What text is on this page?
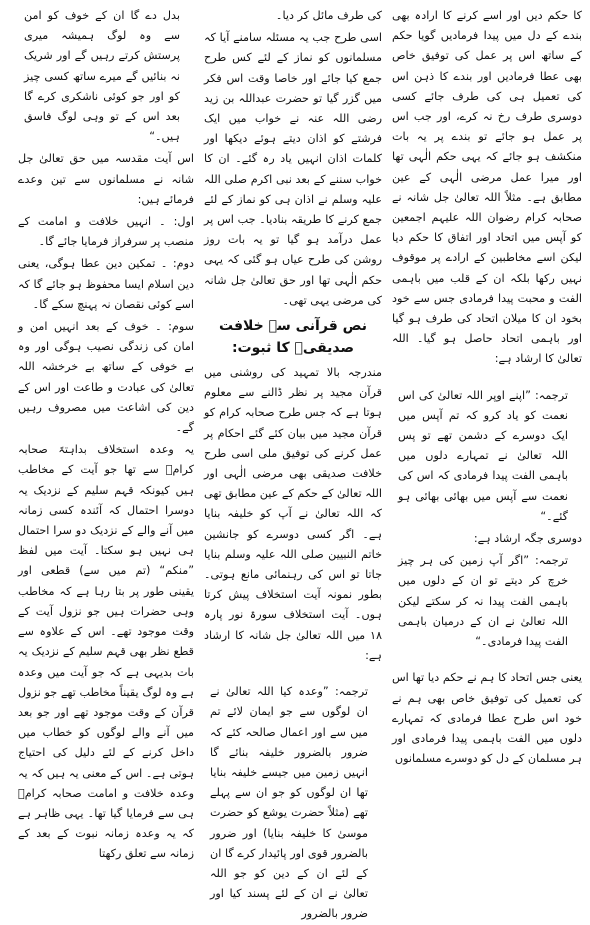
کا حکم دیں اور اسے کرنے کا ارادہ بھی بندے کے دل میں پیدا فرمادیں گویا حکم کے ساتھ اس پر عمل کی توفیق خاص بھی عطا فرمادیں اور بندے کا ذہن اس کی تعمیل ہی کی طرف جائے کسی دوسری طرف رخ نہ کرے، اور جب اس پر عمل ہو جائے تو بندے پر یہ بات منکشف ہو جائے کہ یہی حکم الٰہی تھا اور میرا عمل مرضی الٰہی کے عین مطابق ہے۔ مثلاً اللہ تعالیٰ جل شانہ نے صحابہ کرام رضوان اللہ علیہم اجمعین کو آپس میں اتحاد اور اتفاق کا حکم دیا لیکن اسے مخاطبین کے ارادے پر موقوف نہیں رکھا بلکہ ان کے قلب میں باہمی الفت و محبت پیدا فرمادی جس سے خود بخود ان کا میلان اتحاد کی طرف ہو گیا اور باہمی اتحاد حاصل ہو گیا۔ اللہ تعالیٰ کا ارشاد ہے:

ترجمہ: ”اپنے اوپر اللہ تعالیٰ کی اس نعمت کو یاد کرو کہ تم آپس میں ایک دوسرے کے دشمن تھے تو پس اللہ تعالیٰ نے تمہارے دلوں میں باہمی الفت پیدا فرمادی کہ اس کی نعمت سے آپس میں بھائی بھائی ہو گئے۔“

دوسری جگہ ارشاد ہے:

ترجمہ: ”اگر آپ زمین کی ہر چیز خرچ کر دیتے تو ان کے دلوں میں باہمی الفت پیدا نہ کر سکتے لیکن اللہ تعالیٰ نے ان کے درمیان باہمی الفت پیدا فرمادی۔“

یعنی جس اتحاد کا ہم نے حکم دیا تھا اس کی تعمیل کی توفیق خاص بھی ہم نے خود اس طرح عطا فرمادی کہ تمہارے دلوں میں الفت باہمی پیدا فرمادی اور ہر مسلمان کے دل کو دوسرے مسلمانوں

کی طرف مائل کر دیا۔

اسی طرح جب یہ مسئلہ سامنے آیا کہ مسلمانوں کو نماز کے لئے کس طرح جمع کیا جائے اور خاصا وقت اس فکر میں گزر گیا تو حضرت عبداللہ بن زید رضی اللہ عنہ نے خواب میں ایک فرشتے کو اذان دیتے ہوئے دیکھا اور کلمات اذان انہیں یاد رہ گئے۔ ان کا خواب سننے کے بعد نبی اکرم صلی اللہ علیہ وسلم نے اذان ہی کو نماز کے لئے جمع کرنے کا طریقہ بنادیا۔ جب اس پر عمل درآمد ہو گیا تو یہ بات روز روشن کی طرح عیاں ہو گئی کہ یہی حکم الٰہی تھا اور حق تعالیٰ جل شانہ کی مرضی یہی تھی۔

نص قرآنی سے خلافت صدیقیؓ کا ثبوت:

مندرجہ بالا تمہید کی روشنی میں قرآن مجید پر نظر ڈالنے سے معلوم ہوتا ہے کہ جس طرح صحابہ کرام کو قرآن مجید میں بیان کئے گئے احکام پر عمل کرنے کی توفیق ملی اسی طرح خلافت صدیقی بھی مرضی الٰہی اور اللہ تعالیٰ کے حکم کے عین مطابق تھی کہ اللہ تعالیٰ نے آپ کو خلیفہ بنایا ہے۔ اگر کسی دوسرے کو جانشین خاتم النبیین صلی اللہ علیہ وسلم بنایا جاتا تو اس کی رہنمائی مانع ہوتی۔ بطور نمونہ آیت استخلاف پیش کرتا ہوں۔ آیت استخلاف سورۃ نور پارہ ۱۸ میں اللہ تعالیٰ جل شانہ کا ارشاد ہے:

ترجمہ: ”وعدہ کیا اللہ تعالیٰ نے ان لوگوں سے جو ایمان لائے تم میں سے اور اعمال صالحہ کئے کہ ضرور بالضرور خلیفہ بنائے گا انہیں زمین میں جیسے خلیفہ بنایا تھا ان لوگوں کو جو ان سے پہلے تھے (مثلاً حضرت یوشع کو حضرت موسیٰ کا خلیفہ بنایا) اور ضرور بالضرور قوی اور پائیدار کرے گا ان کے لئے ان کے دین کو جو اللہ تعالیٰ نے ان کے لئے پسند کیا اور ضرور بالضرور

بدل دے گا ان کے خوف کو امن سے وہ لوگ ہمیشہ میری پرستش کرتے رہیں گے اور شریک نہ بنائیں گے میرے ساتھ کسی چیز کو اور جو کوئی ناشکری کرے گا بعد اس کے تو وہی لوگ فاسق ہیں۔“

اس آیت مقدسہ میں حق تعالیٰ جل شانہ نے مسلمانوں سے تین وعدے فرمائے ہیں:

اول: ۔ انہیں خلافت و امامت کے منصب پر سرفراز فرمایا جائے گا۔

دوم: ۔ تمکین دین عطا ہوگی، یعنی دین اسلام ایسا محفوظ ہو جائے گا کہ اسے کوئی نقصان نہ پہنچ سکے گا۔

سوم: ۔ خوف کے بعد انہیں امن و امان کی زندگی نصیب ہوگی اور وہ بے خوفی کے ساتھ بے خرخشہ اللہ تعالیٰ کی عبادت و طاعت اور اس کے دین کی اشاعت میں مصروف رہیں گے۔

یہ وعدہ استخلاف بداہتہً صحابہ کرامؓ سے تھا جو آیت کے مخاطب ہیں کیونکہ قہم سلیم کے نزدیک یہ دوسرا احتمال کہ آئندہ کسی زمانہ میں آنے والے کے نزدیک دو سرا احتمال ہی نہیں ہو سکتا۔ آیت میں لفظ ”منکم“ (تم میں سے) قطعی اور یقینی طور پر بتا رہا ہے کہ مخاطب وہی حضرات ہیں جو نزول آیت کے وقت موجود تھے۔ اس کے علاوہ سے قطع نظر بھی قہم سلیم کے نزدیک یہ بات بدیہی ہے کہ جو آیت میں وعدہ ہے وہ لوگ یقیناً مخاطب تھے جو نزول قرآن کے وقت موجود تھے اور جو بعد میں آنے والے لوگوں کو خطاب میں داخل کرنے کے لئے دلیل کی احتیاج ہوتی ہے۔ اس کے معنی یہ ہیں کہ یہ وعدہ خلافت و امامت صحابہ کرامؓ ہی سے فرمایا گیا تھا۔ یہی ظاہر ہے کہ یہ وعدہ زمانہ نبوت کے بعد کے زمانہ سے تعلق رکھتا
